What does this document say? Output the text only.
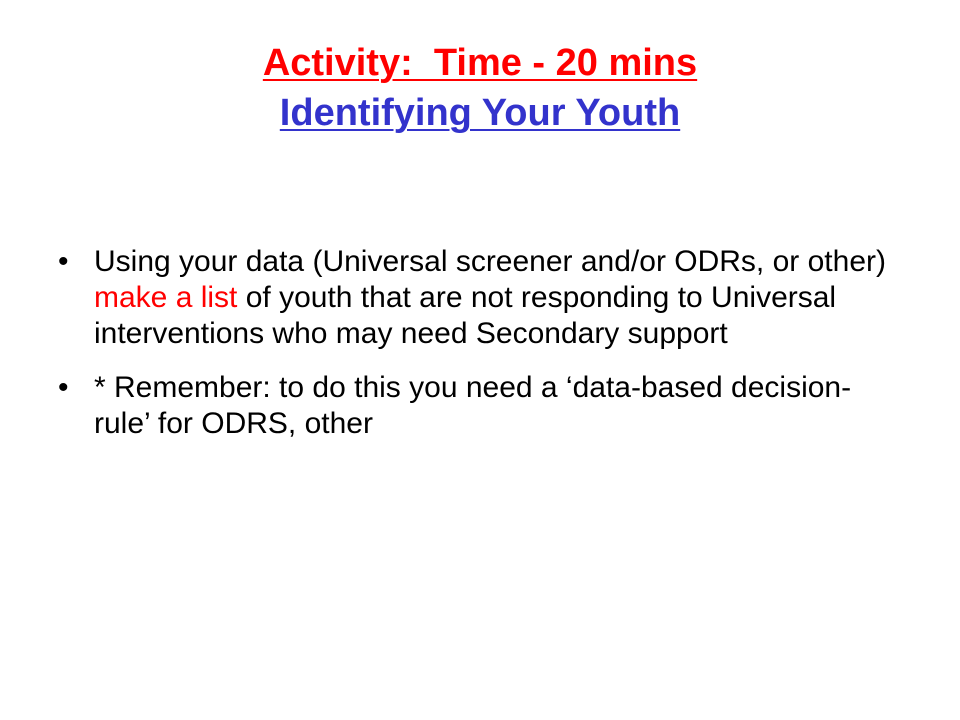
Activity:  Time - 20 mins
Identifying Your Youth
• Using your data (Universal screener and/or ODRs, or other) make a list of youth that are not responding to Universal interventions who may need Secondary support
• * Remember: to do this you need a ‘data-based decision-rule’ for ODRS, other
